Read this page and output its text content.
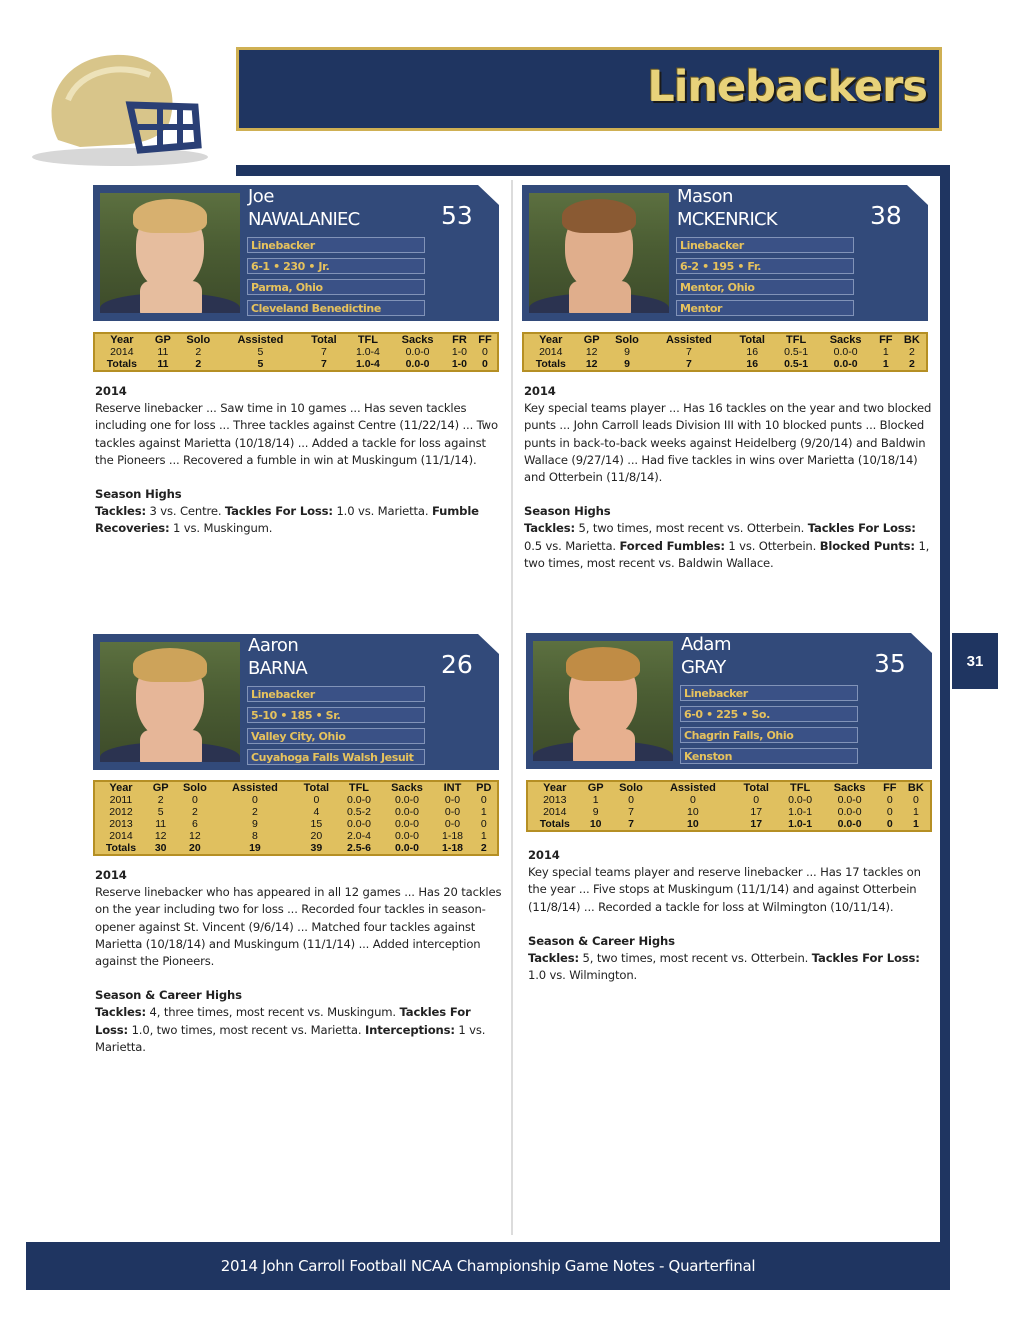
Linebackers
31
Joe
NAWALANIEC	53
Linebacker
6-1 • 230 • Jr.
Parma, Ohio
Cleveland Benedictine
Year	GP	Solo	Assisted	Total	TFL	Sacks	FR	FF
2014	11	2	5	7	1.0-4	0.0-0	1-0	0
Totals	11	2	5	7	1.0-4	0.0-0	1-0	0

2014

Reserve linebacker ... Saw time in 10 games ... Has seven tackles including one for loss ... Three tackles against Centre (11/22/14) ... Two tackles against Marietta (10/18/14) ... Added a tackle for loss against the Pioneers ... Recovered a fumble in win at Muskingum (11/1/14).

Season Highs

Tackles: 3 vs. Centre. Tackles For Loss: 1.0 vs. Marietta. Fumble Recoveries: 1 vs. Muskingum.

Mason
MCKENRICK	38
Linebacker
6-2 • 195 • Fr.
Mentor, Ohio
Mentor
Year	GP	Solo	Assisted	Total	TFL	Sacks	FF	BK
2014	12	9	7	16	0.5-1	0.0-0	1	2
Totals	12	9	7	16	0.5-1	0.0-0	1	2

2014

Key special teams player ... Has 16 tackles on the year and two blocked punts ... John Carroll leads Division III with 10 blocked punts ... Blocked punts in back-to-back weeks against Heidelberg (9/20/14) and Baldwin Wallace (9/27/14) ... Had five tackles in wins over Marietta (10/18/14) and Otterbein (11/8/14).

Season Highs

Tackles: 5, two times, most recent vs. Otterbein. Tackles For Loss: 0.5 vs. Marietta. Forced Fumbles: 1 vs. Otterbein. Blocked Punts: 1, two times, most recent vs. Baldwin Wallace.

Aaron
BARNA	26
Linebacker
5-10 • 185 • Sr.
Valley City, Ohio
Cuyahoga Falls Walsh Jesuit
Year	GP	Solo	Assisted	Total	TFL	Sacks	INT	PD
2011	2	0	0	0	0.0-0	0.0-0	0-0	0
2012	5	2	2	4	0.5-2	0.0-0	0-0	1
2013	11	6	9	15	0.0-0	0.0-0	0-0	0
2014	12	12	8	20	2.0-4	0.0-0	1-18	1
Totals	30	20	19	39	2.5-6	0.0-0	1-18	2

2014

Reserve linebacker who has appeared in all 12 games ... Has 20 tackles on the year including two for loss ... Recorded four tackles in season-opener against St. Vincent (9/6/14) ... Matched four tackles against Marietta (10/18/14) and Muskingum (11/1/14) ... Added interception against the Pioneers.

Season & Career Highs

Tackles: 4, three times, most recent vs. Muskingum. Tackles For Loss: 1.0, two times, most recent vs. Marietta. Interceptions: 1 vs. Marietta.

Adam
GRAY	35
Linebacker
6-0 • 225 • So.
Chagrin Falls, Ohio
Kenston
Year	GP	Solo	Assisted	Total	TFL	Sacks	FF	BK
2013	1	0	0	0	0.0-0	0.0-0	0	0
2014	9	7	10	17	1.0-1	0.0-0	0	1
Totals	10	7	10	17	1.0-1	0.0-0	0	1

2014

Key special teams player and reserve linebacker ... Has 17 tackles on the year ... Five stops at Muskingum (11/1/14) and against Otterbein (11/8/14) ... Recorded a tackle for loss at Wilmington (10/11/14).

Season & Career Highs

Tackles: 5, two times, most recent vs. Otterbein. Tackles For Loss: 1.0 vs. Wilmington.

2014 John Carroll Football NCAA Championship Game Notes - Quarterfinal
